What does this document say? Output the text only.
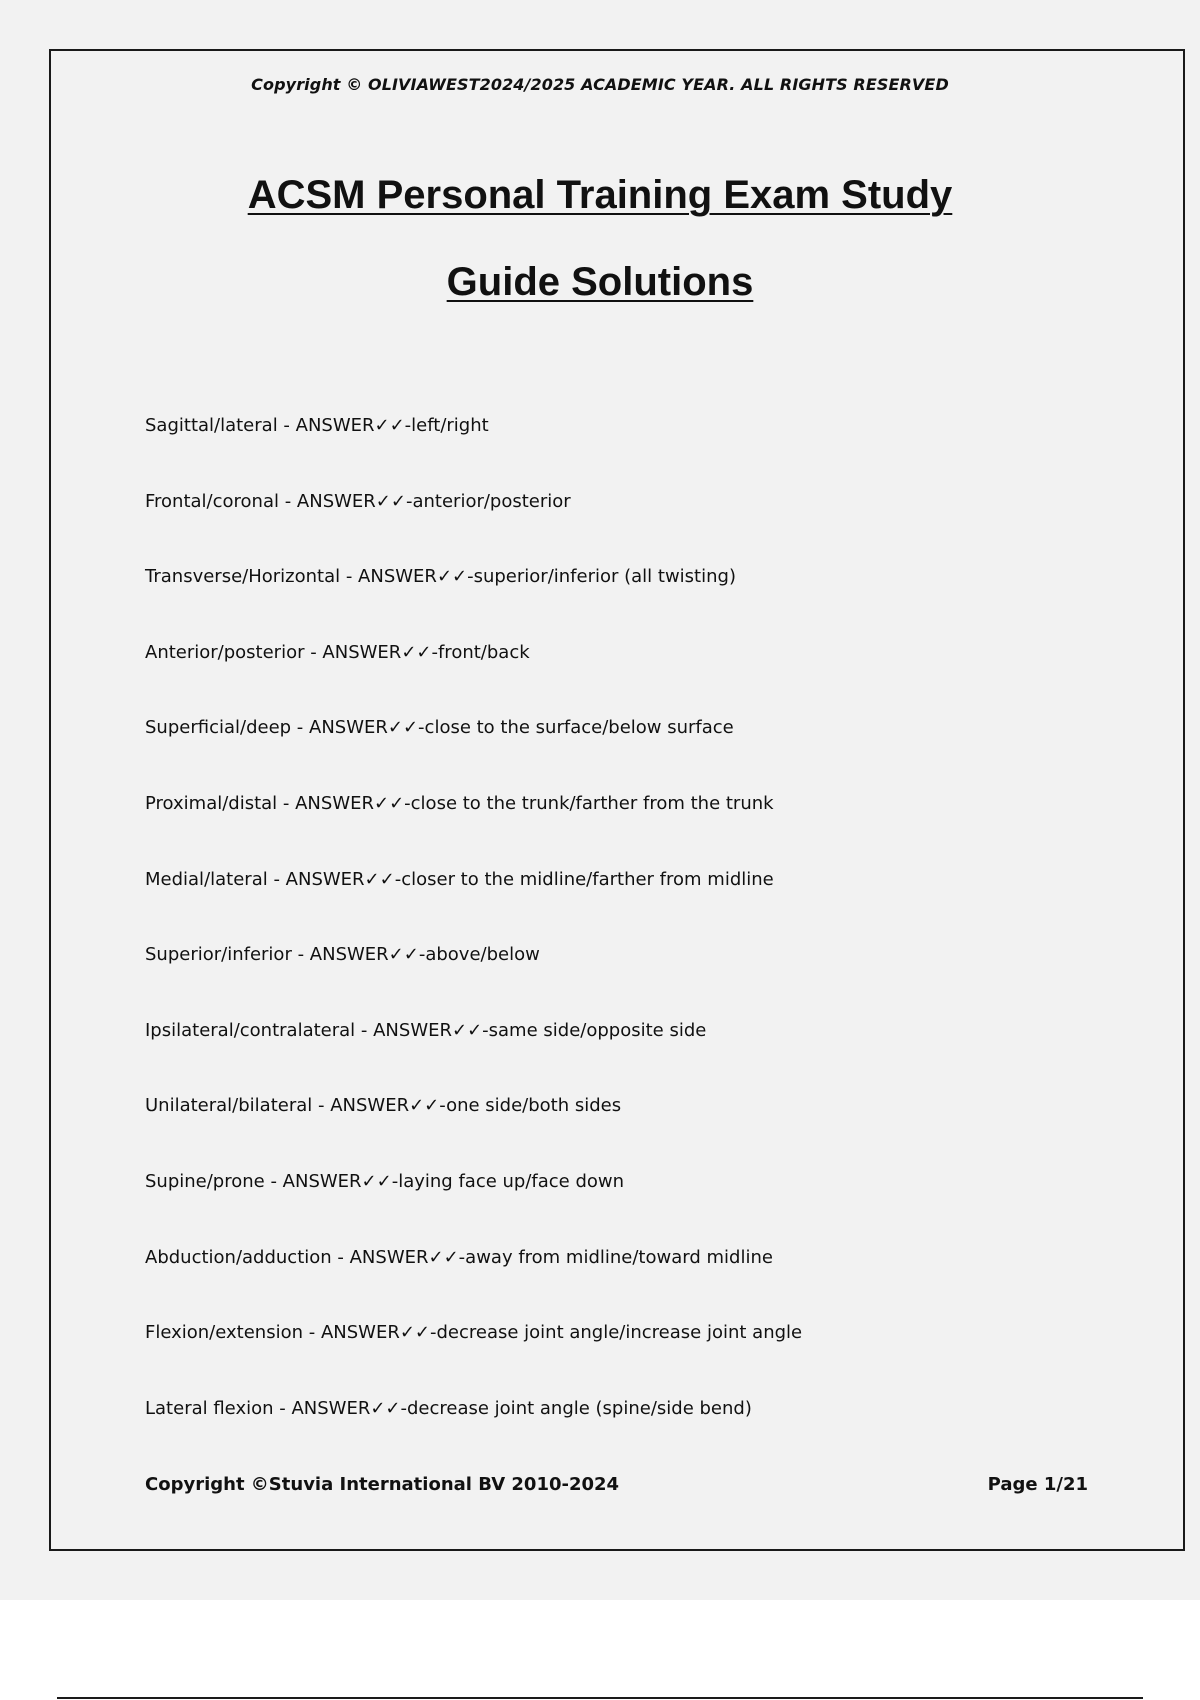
Copyright © OLIVIAWEST2024/2025 ACADEMIC YEAR. ALL RIGHTS RESERVED
ACSM Personal Training Exam Study
Guide Solutions
Sagittal/lateral - ANSWER✓✓-left/right
Frontal/coronal - ANSWER✓✓-anterior/posterior
Transverse/Horizontal - ANSWER✓✓-superior/inferior (all twisting)
Anterior/posterior - ANSWER✓✓-front/back
Superficial/deep - ANSWER✓✓-close to the surface/below surface
Proximal/distal - ANSWER✓✓-close to the trunk/farther from the trunk
Medial/lateral - ANSWER✓✓-closer to the midline/farther from midline
Superior/inferior - ANSWER✓✓-above/below
Ipsilateral/contralateral - ANSWER✓✓-same side/opposite side
Unilateral/bilateral - ANSWER✓✓-one side/both sides
Supine/prone - ANSWER✓✓-laying face up/face down
Abduction/adduction - ANSWER✓✓-away from midline/toward midline
Flexion/extension - ANSWER✓✓-decrease joint angle/increase joint angle
Lateral flexion - ANSWER✓✓-decrease joint angle (spine/side bend)
Copyright ©Stuvia International BV 2010-2024	Page 1/21
